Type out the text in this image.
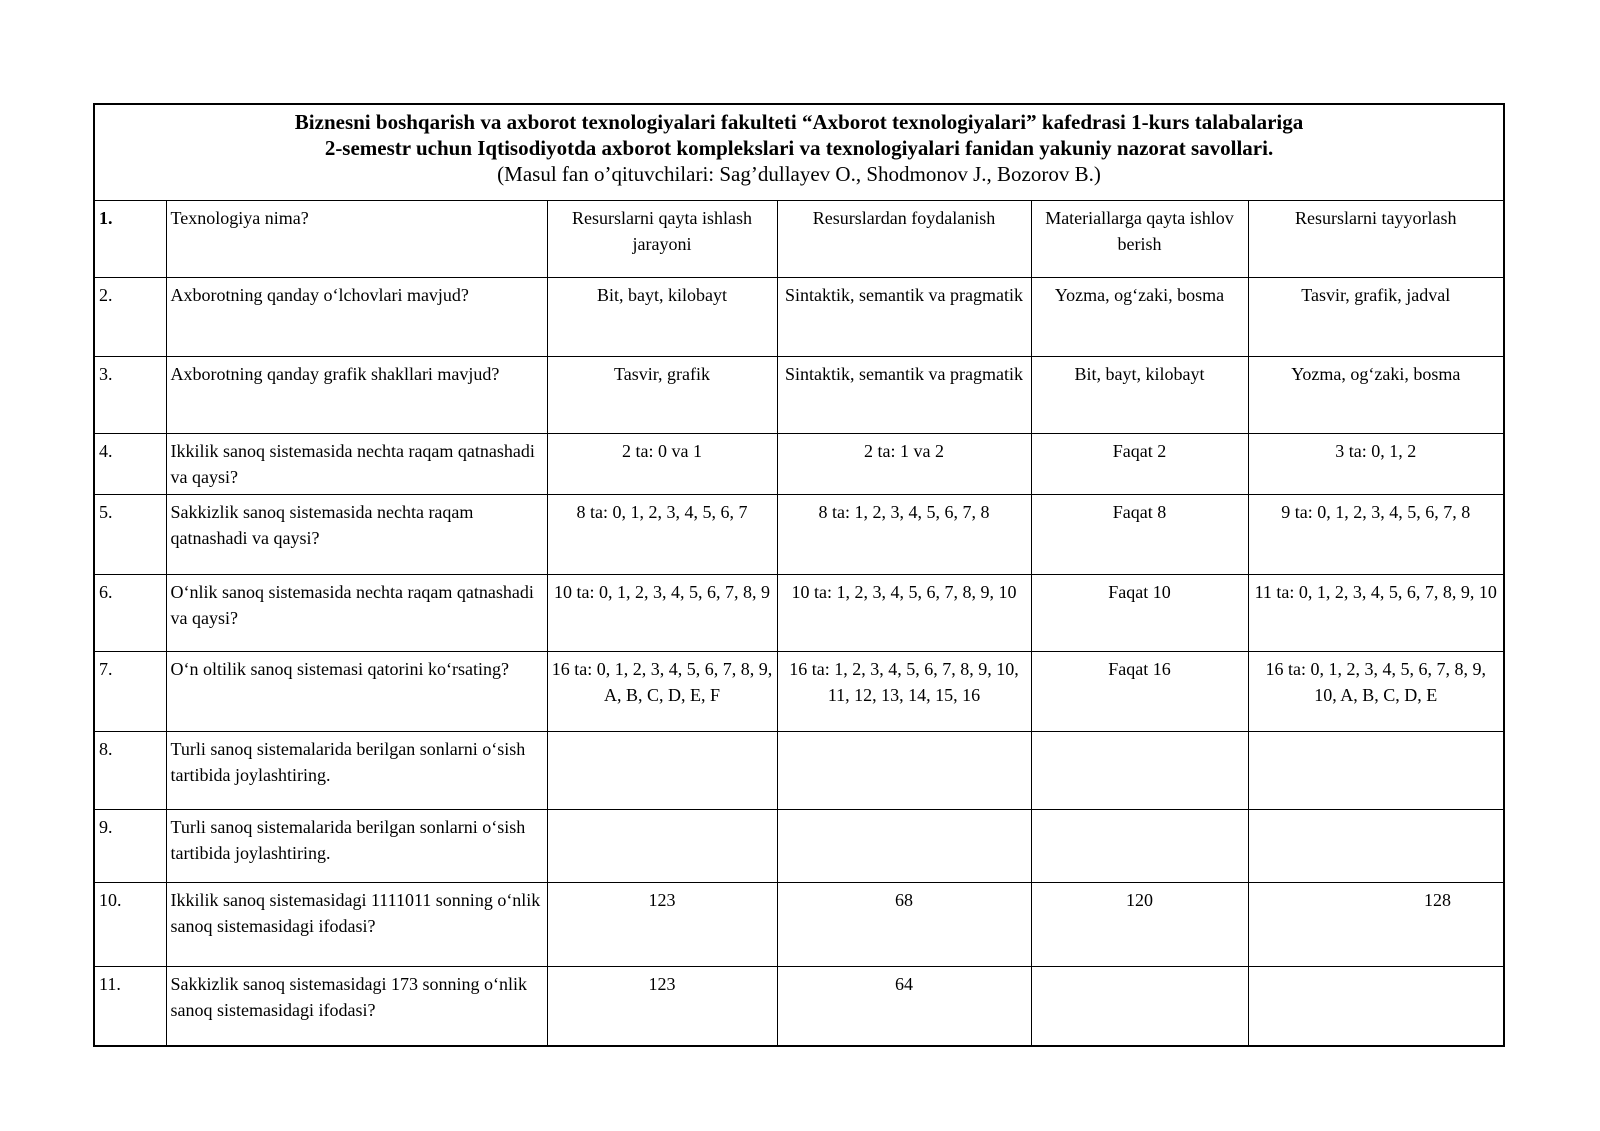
Biznesni boshqarish va axborot texnologiyalari fakulteti “Axborot texnologiyalari” kafedrasi 1-kurs talabalariga
2-semestr uchun Iqtisodiyotda axborot komplekslari va texnologiyalari fanidan yakuniy nazorat savollari.
(Masul fan o’qituvchilari: Sag’dullayev O., Shodmonov J., Bozorov B.)					

1.	Texnologiya nima?	Resurslarni qayta ishlash jarayoni	Resurslardan foydalanish	Materiallarga qayta ishlov berish	Resurslarni tayyorlash
2.	Axborotning qanday o‘lchovlari mavjud?	Bit, bayt, kilobayt	Sintaktik, semantik va pragmatik	Yozma, og‘zaki, bosma	Tasvir, grafik, jadval
3.	Axborotning qanday grafik shakllari mavjud?	Tasvir, grafik	Sintaktik, semantik va pragmatik	Bit, bayt, kilobayt	Yozma, og‘zaki, bosma
4.	Ikkilik sanoq sistemasida nechta raqam qatnashadi va qaysi?	2 ta: 0 va 1	2 ta: 1 va 2	Faqat 2	3 ta: 0, 1, 2
5.	Sakkizlik sanoq sistemasida nechta raqam qatnashadi va qaysi?	8 ta: 0, 1, 2, 3, 4, 5, 6, 7	8 ta: 1, 2, 3, 4, 5, 6, 7, 8	Faqat 8	9 ta: 0, 1, 2, 3, 4, 5, 6, 7, 8
6.	O‘nlik sanoq sistemasida nechta raqam qatnashadi va qaysi?	10 ta: 0, 1, 2, 3, 4, 5, 6, 7, 8, 9	10 ta: 1, 2, 3, 4, 5, 6, 7, 8, 9, 10	Faqat 10	11 ta: 0, 1, 2, 3, 4, 5, 6, 7, 8, 9, 10
7.	O‘n oltilik sanoq sistemasi qatorini ko‘rsating?	16 ta: 0, 1, 2, 3, 4, 5, 6, 7, 8, 9, A, B, C, D, E, F	16 ta: 1, 2, 3, 4, 5, 6, 7, 8, 9, 10, 11, 12, 13, 14, 15, 16	Faqat 16	16 ta: 0, 1, 2, 3, 4, 5, 6, 7, 8, 9, 10, A, B, C, D, E
8.	Turli sanoq sistemalarida berilgan sonlarni o‘sish tartibida joylashtiring.				
9.	Turli sanoq sistemalarida berilgan sonlarni o‘sish tartibida joylashtiring.				
10.	Ikkilik sanoq sistemasidagi 1111011 sonning o‘nlik sanoq sistemasidagi ifodasi?	123	68	120	128
11.	Sakkizlik sanoq sistemasidagi 173 sonning o‘nlik sanoq sistemasidagi ifodasi?	123	64		
